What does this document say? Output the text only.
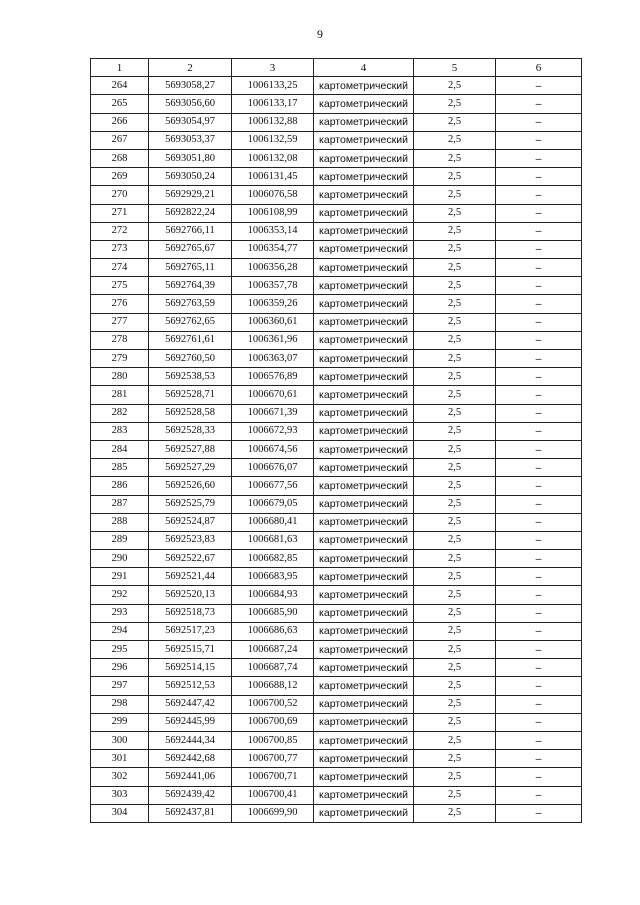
9
1	2	3	4	5	6
264	5693058,27	1006133,25	картометрический	2,5	–
265	5693056,60	1006133,17	картометрический	2,5	–
266	5693054,97	1006132,88	картометрический	2,5	–
267	5693053,37	1006132,59	картометрический	2,5	–
268	5693051,80	1006132,08	картометрический	2,5	–
269	5693050,24	1006131,45	картометрический	2,5	–
270	5692929,21	1006076,58	картометрический	2,5	–
271	5692822,24	1006108,99	картометрический	2,5	–
272	5692766,11	1006353,14	картометрический	2,5	–
273	5692765,67	1006354,77	картометрический	2,5	–
274	5692765,11	1006356,28	картометрический	2,5	–
275	5692764,39	1006357,78	картометрический	2,5	–
276	5692763,59	1006359,26	картометрический	2,5	–
277	5692762,65	1006360,61	картометрический	2,5	–
278	5692761,61	1006361,96	картометрический	2,5	–
279	5692760,50	1006363,07	картометрический	2,5	–
280	5692538,53	1006576,89	картометрический	2,5	–
281	5692528,71	1006670,61	картометрический	2,5	–
282	5692528,58	1006671,39	картометрический	2,5	–
283	5692528,33	1006672,93	картометрический	2,5	–
284	5692527,88	1006674,56	картометрический	2,5	–
285	5692527,29	1006676,07	картометрический	2,5	–
286	5692526,60	1006677,56	картометрический	2,5	–
287	5692525,79	1006679,05	картометрический	2,5	–
288	5692524,87	1006680,41	картометрический	2,5	–
289	5692523,83	1006681,63	картометрический	2,5	–
290	5692522,67	1006682,85	картометрический	2,5	–
291	5692521,44	1006683,95	картометрический	2,5	–
292	5692520,13	1006684,93	картометрический	2,5	–
293	5692518,73	1006685,90	картометрический	2,5	–
294	5692517,23	1006686,63	картометрический	2,5	–
295	5692515,71	1006687,24	картометрический	2,5	–
296	5692514,15	1006687,74	картометрический	2,5	–
297	5692512,53	1006688,12	картометрический	2,5	–
298	5692447,42	1006700,52	картометрический	2,5	–
299	5692445,99	1006700,69	картометрический	2,5	–
300	5692444,34	1006700,85	картометрический	2,5	–
301	5692442,68	1006700,77	картометрический	2,5	–
302	5692441,06	1006700,71	картометрический	2,5	–
303	5692439,42	1006700,41	картометрический	2,5	–
304	5692437,81	1006699,90	картометрический	2,5	–
